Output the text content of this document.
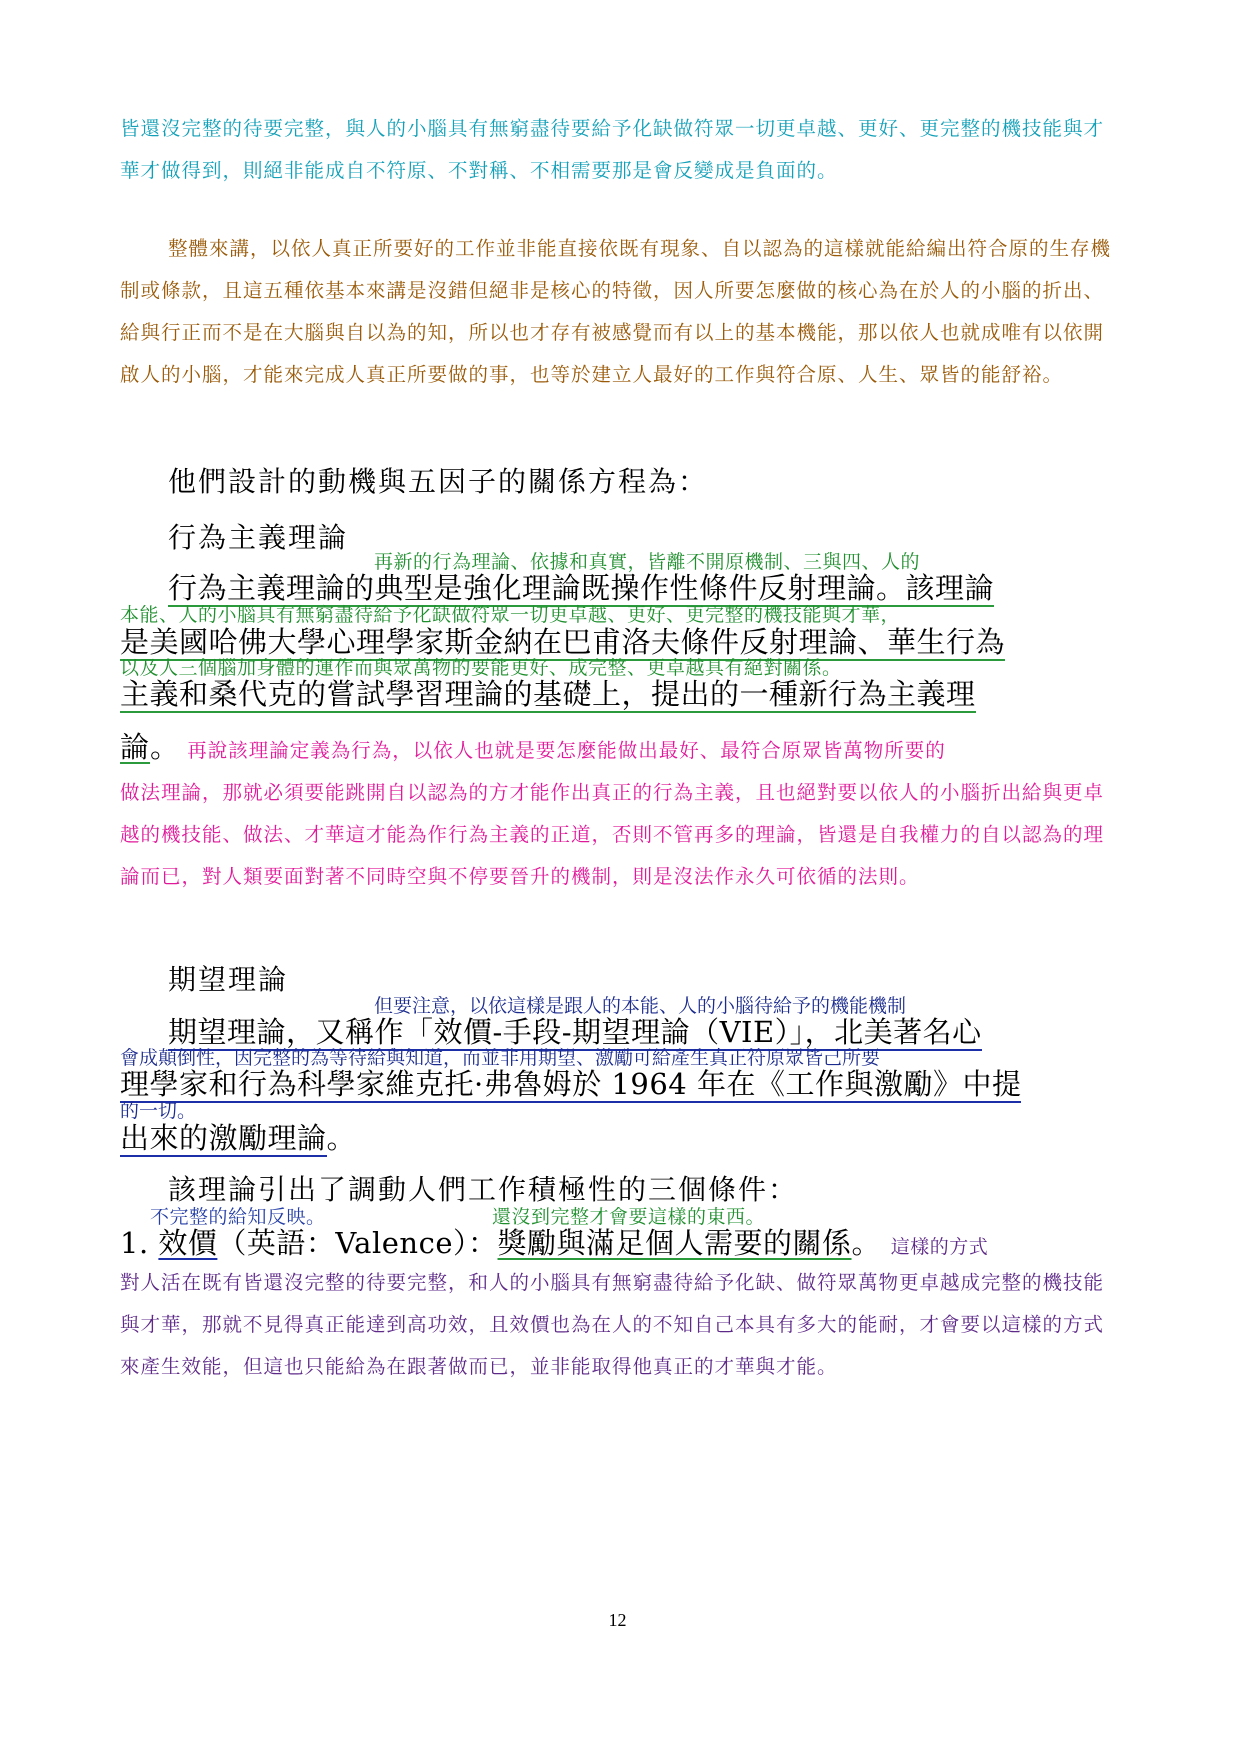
皆還沒完整的待要完整，與人的小腦具有無窮盡待要給予化缺做符眾一切更卓越、更好、更完整的機技能與才華才做得到，則絕非能成自不符原、不對稱、不相需要那是會反變成是負面的。

整體來講，以依人真正所要好的工作並非能直接依既有現象、自以認為的這樣就能給編出符合原的生存機制或條款，且這五種依基本來講是沒錯但絕非是核心的特徵，因人所要怎麼做的核心為在於人的小腦的折出、給與行正而不是在大腦與自以為的知，所以也才存有被感覺而有以上的基本機能，那以依人也就成唯有以依開啟人的小腦，才能來完成人真正所要做的事，也等於建立人最好的工作與符合原、人生、眾皆的能舒裕。

他們設計的動機與五因子的關係方程為：
行為主義理論
再新的行為理論、依據和真實，皆離不開原機制、三與四、人的
行為主義理論的典型是強化理論既操作性條件反射理論。該理論
本能、人的小腦具有無窮盡待給予化缺做符眾一切更卓越、更好、更完整的機技能與才華，
是美國哈佛大學心理學家斯金納在巴甫洛夫條件反射理論、華生行為
以及人三個腦加身體的運作而與眾萬物的要能更好、成完整、更卓越具有絕對關係。
主義和桑代克的嘗試學習理論的基礎上，提出的一種新行為主義理

論。 再說該理論定義為行為，以依人也就是要怎麼能做出最好、最符合原眾皆萬物所要的
做法理論，那就必須要能跳開自以認為的方才能作出真正的行為主義，且也絕對要以依人的小腦折出給與更卓越的機技能、做法、才華這才能為作行為主義的正道，否則不管再多的理論，皆還是自我權力的自以認為的理論而已，對人類要面對著不同時空與不停要晉升的機制，則是沒法作永久可依循的法則。

期望理論
但要注意，以依這樣是跟人的本能、人的小腦待給予的機能機制
期望理論，又稱作「效價-手段-期望理論（VIE）」，北美著名心
會成顛倒性，因完整的為等待給與知道，而並非用期望、激勵可給產生真正符原眾皆己所要
理學家和行為科學家維克托·弗魯姆於 1964 年在《工作與激勵》中提
的一切。
出來的激勵理論。
該理論引出了調動人們工作積極性的三個條件：
不完整的給知反映。	還沒到完整才會要這樣的東西。
1. 效價（英語：Valence）：獎勵與滿足個人需要的關係。 這樣的方式

對人活在既有皆還沒完整的待要完整，和人的小腦具有無窮盡待給予化缺、做符眾萬物更卓越成完整的機技能與才華，那就不見得真正能達到高功效，且效價也為在人的不知自己本具有多大的能耐，才會要以這樣的方式來產生效能，但這也只能給為在跟著做而已，並非能取得他真正的才華與才能。

12
